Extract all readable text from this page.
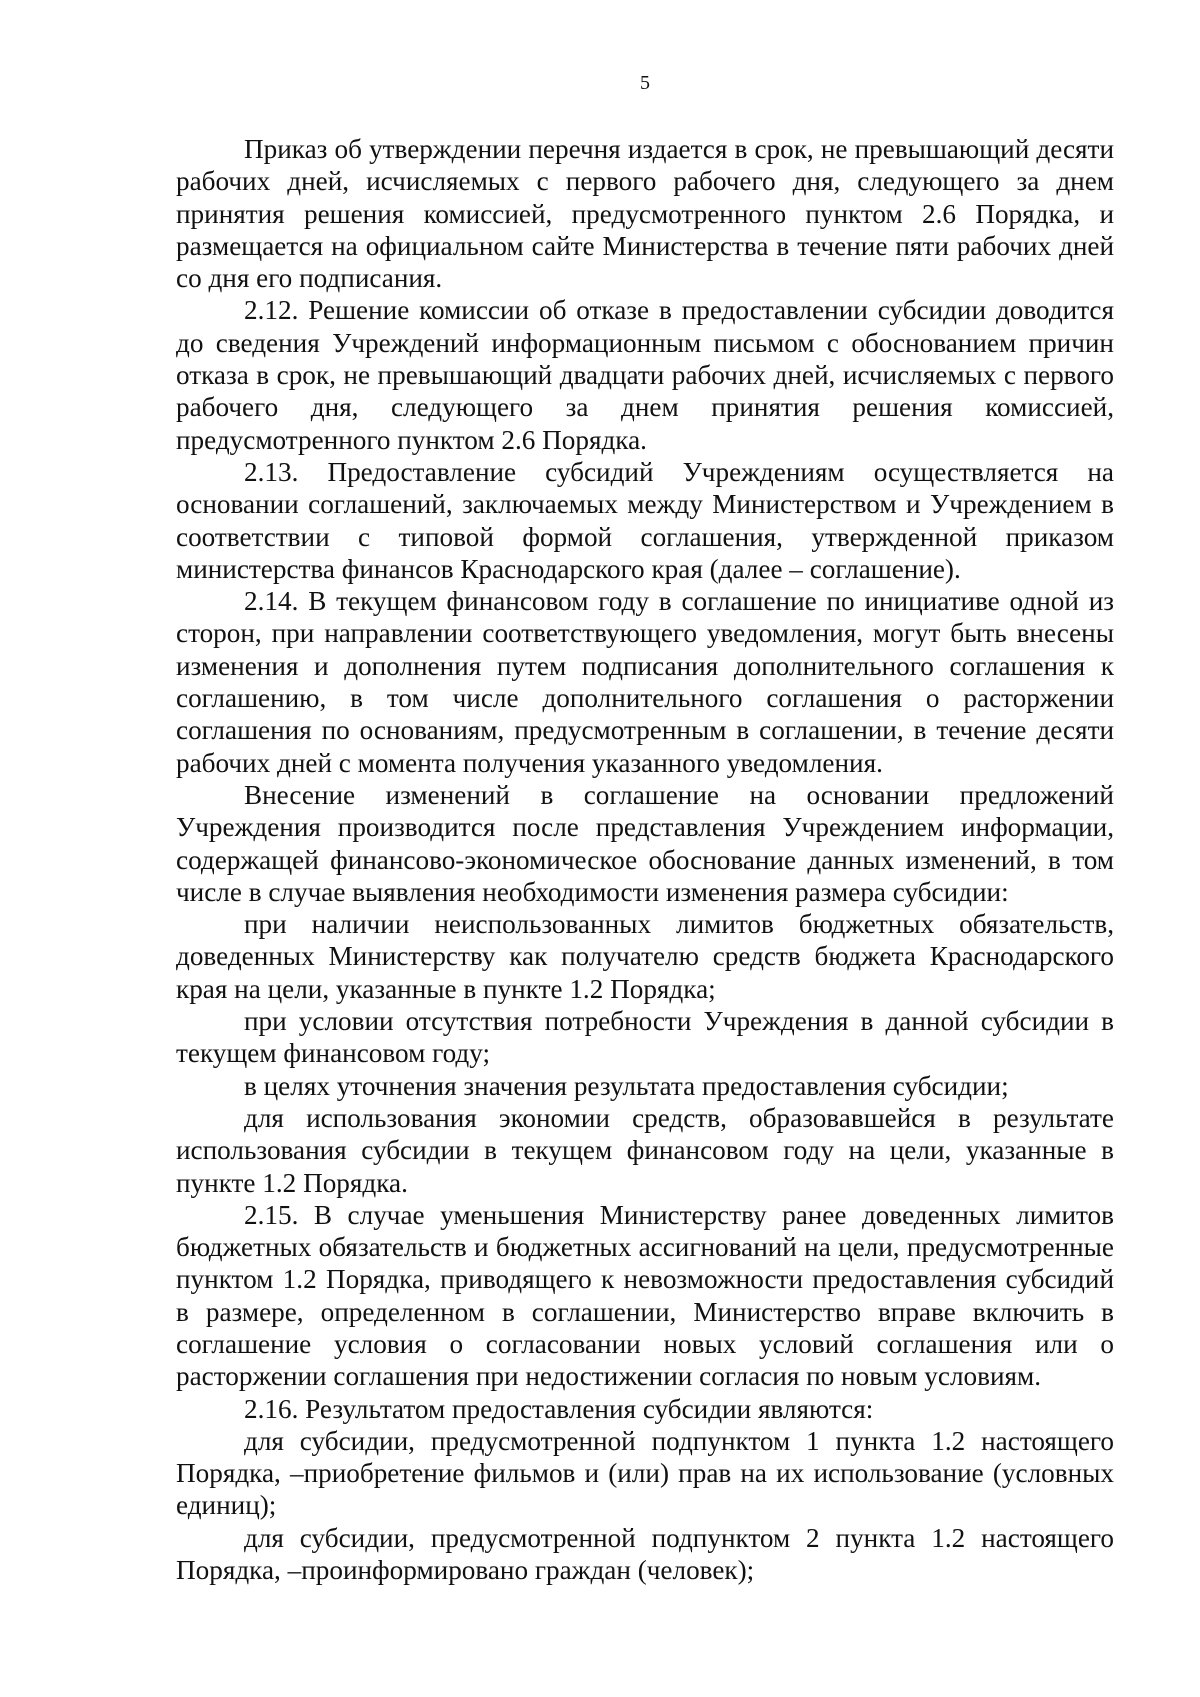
5

Приказ об утверждении перечня издается в срок, не превышающий десяти рабочих дней, исчисляемых с первого рабочего дня, следующего за днем принятия решения комиссией, предусмотренного пунктом 2.6 Порядка, и размещается на официальном сайте Министерства в течение пяти рабочих дней со дня его подписания.

2.12. Решение комиссии об отказе в предоставлении субсидии доводится до сведения Учреждений информационным письмом с обоснованием причин отказа в срок, не превышающий двадцати рабочих дней, исчисляемых с первого рабочего дня, следующего за днем принятия решения комиссией, предусмотренного пунктом 2.6 Порядка.

2.13. Предоставление субсидий Учреждениям осуществляется на основании соглашений, заключаемых между Министерством и Учреждением в соответствии с типовой формой соглашения, утвержденной приказом министерства финансов Краснодарского края (далее – соглашение).

2.14. В текущем финансовом году в соглашение по инициативе одной из сторон, при направлении соответствующего уведомления, могут быть внесены изменения и дополнения путем подписания дополнительного соглашения к соглашению, в том числе дополнительного соглашения о расторжении соглашения по основаниям, предусмотренным в соглашении, в течение десяти рабочих дней с момента получения указанного уведомления.

Внесение изменений в соглашение на основании предложений Учреждения производится после представления Учреждением информации, содержащей финансово-экономическое обоснование данных изменений, в том числе в случае выявления необходимости изменения размера субсидии:

при наличии неиспользованных лимитов бюджетных обязательств, доведенных Министерству как получателю средств бюджета Краснодарского края на цели, указанные в пункте 1.2 Порядка;

при условии отсутствия потребности Учреждения в данной субсидии в текущем финансовом году;

в целях уточнения значения результата предоставления субсидии;

для использования экономии средств, образовавшейся в результате использования субсидии в текущем финансовом году на цели, указанные в пункте 1.2 Порядка.

2.15. В случае уменьшения Министерству ранее доведенных лимитов бюджетных обязательств и бюджетных ассигнований на цели, предусмотренные пунктом 1.2 Порядка, приводящего к невозможности предоставления субсидий в размере, определенном в соглашении, Министерство вправе включить в соглашение условия о согласовании новых условий соглашения или о расторжении соглашения при недостижении согласия по новым условиям.

2.16. Результатом предоставления субсидии являются:

для субсидии, предусмотренной подпунктом 1 пункта 1.2 настоящего Порядка, –приобретение фильмов и (или) прав на их использование (условных единиц);

для субсидии, предусмотренной подпунктом 2 пункта 1.2 настоящего Порядка, –проинформировано граждан (человек);
